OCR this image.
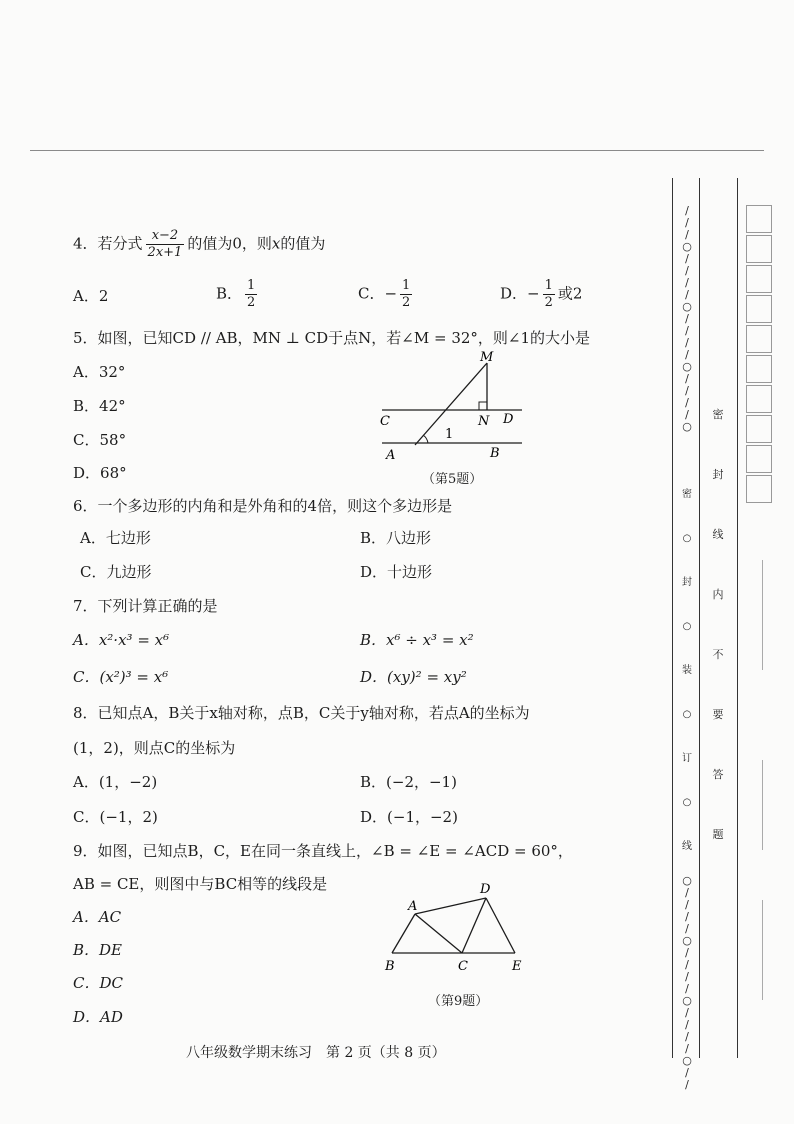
4．若分式 $\frac{x-2}{2x+1}$ 的值为0，则x的值为
A．2	B． $\frac{1}{2}$	C．− $\frac{1}{2}$	D．− $\frac{1}{2}$ 或2
5．如图，已知CD // AB，MN ⊥ CD于点N，若∠M = 32°，则∠1的大小是
A．32°
B．42°
C．58°
D．68°
M
C	N D
1
A	B
（第5题）
6．一个多边形的内角和是外角和的4倍，则这个多边形是
A．七边形	B．八边形
C．九边形	D．十边形
7．下列计算正确的是
A．x²·x³ = x⁶	B．x⁶ ÷ x³ = x²
C．(x²)³ = x⁶	D．(xy)² = xy²
8．已知点A，B关于x轴对称，点B，C关于y轴对称，若点A的坐标为
(1，2)，则点C的坐标为
A．(1，−2)	B．(−2，−1)
C．(−1，2)	D．(−1，−2)
9．如图，已知点B，C，E在同一条直线上，∠B = ∠E = ∠ACD = 60°，
AB = CE，则图中与BC相等的线段是
A．AC
B．DE
C．DC
D．AD
A
D
B	C	E
（第9题）
八年级数学期末练习　第 2 页（共 8 页）
/
/
/
○
/
/
/
/
○
/
/
/
/
○
/
/
/
/
○
密
○
封
○
装
○
订
○
线
○
/
/
/
/
○
/
/
/
/
○
/
/
/
/
○
/
/
密
封
线
内
不
要
答
题
